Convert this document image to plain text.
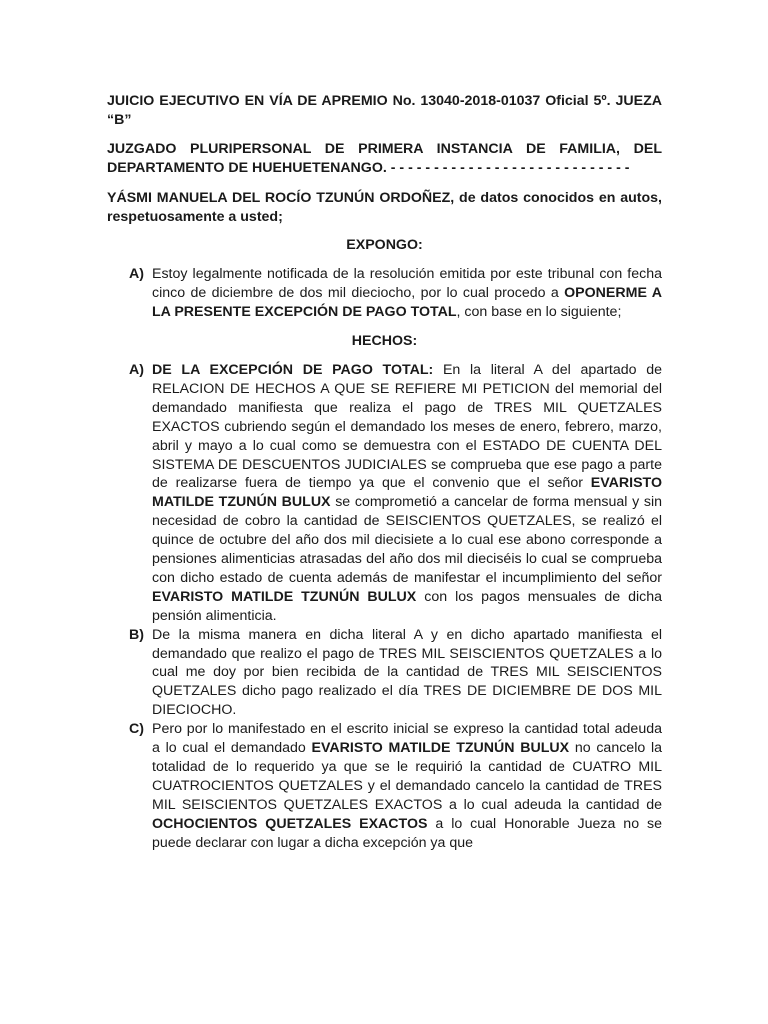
JUICIO EJECUTIVO EN VÍA DE APREMIO No. 13040-2018-01037 Oficial 5º. JUEZA “B”
JUZGADO PLURIPERSONAL DE PRIMERA INSTANCIA DE FAMILIA, DEL DEPARTAMENTO DE HUEHUETENANGO. - - - - - - - - - - - - - - - - - - - - - - - - - - - -
YÁSMI MANUELA DEL ROCÍO TZUNÚN ORDOÑEZ, de datos conocidos en autos, respetuosamente a usted;
EXPONGO:
A) Estoy legalmente notificada de la resolución emitida por este tribunal con fecha cinco de diciembre de dos mil dieciocho, por lo cual procedo a OPONERME A LA PRESENTE EXCEPCIÓN DE PAGO TOTAL, con base en lo siguiente;
HECHOS:
A) DE LA EXCEPCIÓN DE PAGO TOTAL: En la literal A del apartado de RELACION DE HECHOS A QUE SE REFIERE MI PETICION del memorial del demandado manifiesta que realiza el pago de TRES MIL QUETZALES EXACTOS cubriendo según el demandado los meses de enero, febrero, marzo, abril y mayo a lo cual como se demuestra con el ESTADO DE CUENTA DEL SISTEMA DE DESCUENTOS JUDICIALES se comprueba que ese pago a parte de realizarse fuera de tiempo ya que el convenio que el señor EVARISTO MATILDE TZUNÚN BULUX se comprometió a cancelar de forma mensual y sin necesidad de cobro la cantidad de SEISCIENTOS QUETZALES, se realizó el quince de octubre del año dos mil diecisiete a lo cual ese abono corresponde a pensiones alimenticias atrasadas del año dos mil dieciséis lo cual se comprueba con dicho estado de cuenta además de manifestar el incumplimiento del señor EVARISTO MATILDE TZUNÚN BULUX con los pagos mensuales de dicha pensión alimenticia.
B) De la misma manera en dicha literal A y en dicho apartado manifiesta el demandado que realizo el pago de TRES MIL SEISCIENTOS QUETZALES a lo cual me doy por bien recibida de la cantidad de TRES MIL SEISCIENTOS QUETZALES dicho pago realizado el día TRES DE DICIEMBRE DE DOS MIL DIECIOCHO.
C) Pero por lo manifestado en el escrito inicial se expreso la cantidad total adeuda a lo cual el demandado EVARISTO MATILDE TZUNÚN BULUX no cancelo la totalidad de lo requerido ya que se le requirió la cantidad de CUATRO MIL CUATROCIENTOS QUETZALES y el demandado cancelo la cantidad de TRES MIL SEISCIENTOS QUETZALES EXACTOS a lo cual adeuda la cantidad de OCHOCIENTOS QUETZALES EXACTOS a lo cual Honorable Jueza no se puede declarar con lugar a dicha excepción ya que
